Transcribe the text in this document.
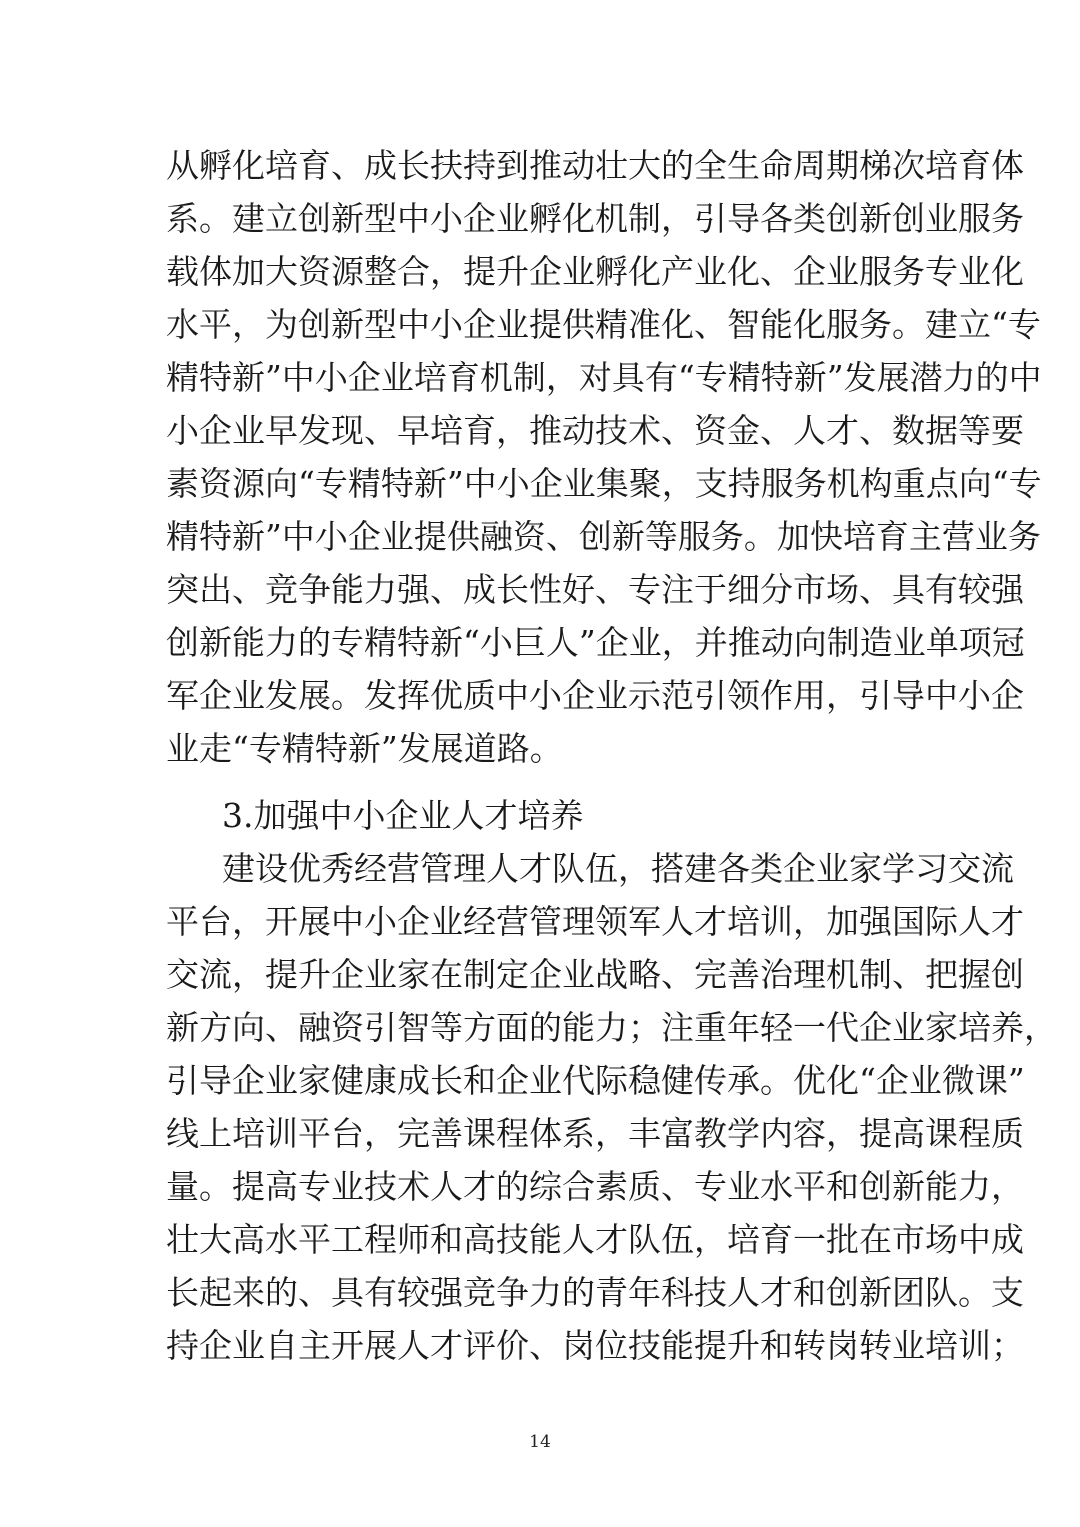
从孵化培育、成长扶持到推动壮大的全生命周期梯次培育体
系。建立创新型中小企业孵化机制，引导各类创新创业服务
载体加大资源整合，提升企业孵化产业化、企业服务专业化
水平，为创新型中小企业提供精准化、智能化服务。建立“专
精特新”中小企业培育机制，对具有“专精特新”发展潜力的中
小企业早发现、早培育，推动技术、资金、人才、数据等要
素资源向“专精特新”中小企业集聚，支持服务机构重点向“专
精特新”中小企业提供融资、创新等服务。加快培育主营业务
突出、竞争能力强、成长性好、专注于细分市场、具有较强
创新能力的专精特新“小巨人”企业，并推动向制造业单项冠
军企业发展。发挥优质中小企业示范引领作用，引导中小企
业走“专精特新”发展道路。
3.加强中小企业人才培养
建设优秀经营管理人才队伍，搭建各类企业家学习交流
平台，开展中小企业经营管理领军人才培训，加强国际人才
交流，提升企业家在制定企业战略、完善治理机制、把握创
新方向、融资引智等方面的能力；注重年轻一代企业家培养，
引导企业家健康成长和企业代际稳健传承。优化“企业微课”
线上培训平台，完善课程体系，丰富教学内容，提高课程质
量。提高专业技术人才的综合素质、专业水平和创新能力，
壮大高水平工程师和高技能人才队伍，培育一批在市场中成
长起来的、具有较强竞争力的青年科技人才和创新团队。支
持企业自主开展人才评价、岗位技能提升和转岗转业培训；
14
